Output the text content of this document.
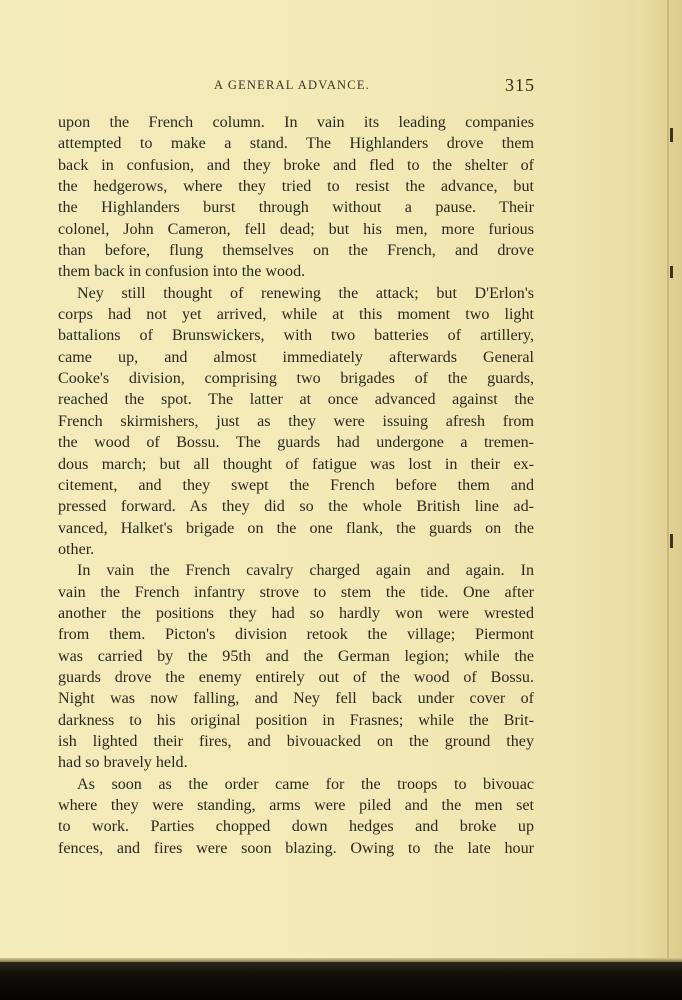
A GENERAL ADVANCE.	315

upon the French column. In vain its leading companies

attempted to make a stand. The Highlanders drove them

back in confusion, and they broke and fled to the shelter of

the hedgerows, where they tried to resist the advance, but

the Highlanders burst through without a pause. Their

colonel, John Cameron, fell dead; but his men, more furious

than before, flung themselves on the French, and drove

them back in confusion into the wood.

Ney still thought of renewing the attack; but D'Erlon's

corps had not yet arrived, while at this moment two light

battalions of Brunswickers, with two batteries of artillery,

came up, and almost immediately afterwards General

Cooke's division, comprising two brigades of the guards,

reached the spot. The latter at once advanced against the

French skirmishers, just as they were issuing afresh from

the wood of Bossu. The guards had undergone a tremen-

dous march; but all thought of fatigue was lost in their ex-

citement, and they swept the French before them and

pressed forward. As they did so the whole British line ad-

vanced, Halket's brigade on the one flank, the guards on the

other.

In vain the French cavalry charged again and again. In

vain the French infantry strove to stem the tide. One after

another the positions they had so hardly won were wrested

from them. Picton's division retook the village; Piermont

was carried by the 95th and the German legion; while the

guards drove the enemy entirely out of the wood of Bossu.

Night was now falling, and Ney fell back under cover of

darkness to his original position in Frasnes; while the Brit-

ish lighted their fires, and bivouacked on the ground they

had so bravely held.

As soon as the order came for the troops to bivouac

where they were standing, arms were piled and the men set

to work. Parties chopped down hedges and broke up

fences, and fires were soon blazing. Owing to the late hour
